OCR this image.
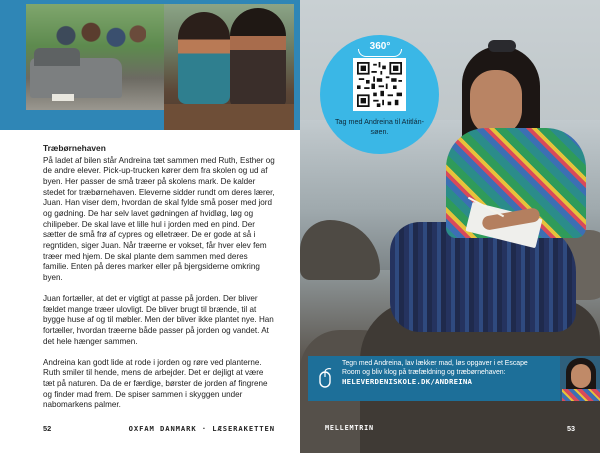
Træbørnehaven

På ladet af bilen står Andreina tæt sammen med Ruth, Esther og de andre elever. Pick-up-trucken kører dem fra skolen og ud af byen. Her passer de små træer på skolens mark. De kalder stedet for træbørnehaven. Eleverne sidder rundt om deres lærer, Juan. Han viser dem, hvordan de skal fylde små poser med jord og gødning. De har selv lavet gødningen af hvidløg, løg og chilipeber. De skal lave et lille hul i jorden med en pind. Der sætter de små frø af cypres og elletræer. De er gode at så i regntiden, siger Juan. Når træerne er vokset, får hver elev fem træer med hjem. De skal plante dem sammen med deres familie. Enten på deres marker eller på bjergsiderne omkring byen.

Juan fortæller, at det er vigtigt at passe på jorden. Der bliver fældet mange træer ulovligt. De bliver brugt til brænde, til at bygge huse af og til møbler. Men der bliver ikke plantet nye. Han fortæller, hvordan træerne både passer på jorden og vandet. At det hele hænger sammen.

Andreina kan godt lide at rode i jorden og røre ved planterne. Ruth smiler til hende, mens de arbejder. Det er dejligt at være tæt på naturen. Da de er færdige, børster de jorden af fingrene og finder mad frem. De spiser sammen i skyggen under nabomarkens palmer.

52	OXFAM DANMARK · LÆSERAKETTEN
360°
Tag med Andreina til Atitlán-søen.
Tegn med Andreina, lav lækker mad, løs opgaver i et Escape Room og bliv klog på træfældning og træbørnehaven:
HELEVERDENISKOLE.DK/ANDREINA
MELLEMTRIN	53
